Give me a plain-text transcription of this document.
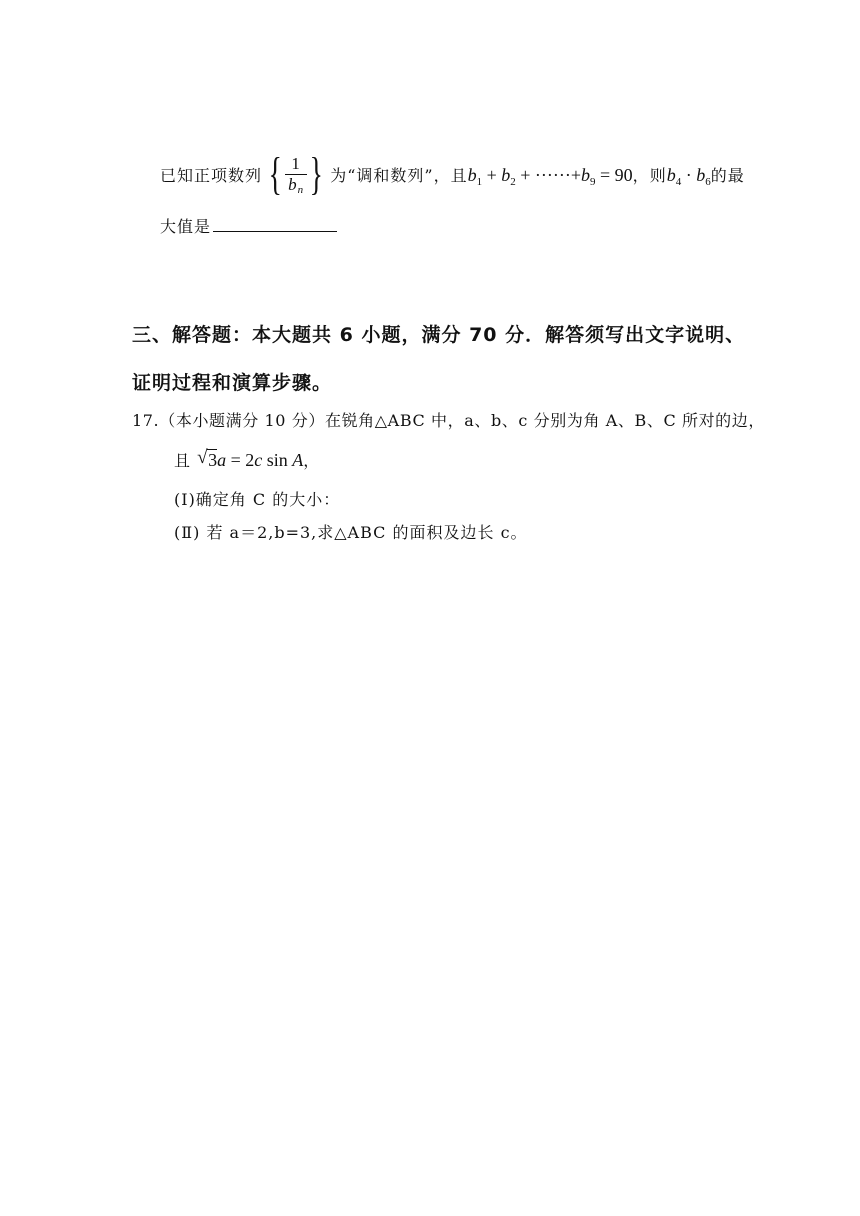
已知正项数列 { $\frac{1}{b_n}$ } 为“调和数列”，且$b_1 + b_2 + \cdot\cdot\cdot\cdot\cdot\cdot+b_9 = 90$，则$b_4 \cdot b_6$的最
大值是
三、解答题：本大题共 6 小题，满分 70 分．解答须写出文字说明、
证明过程和演算步骤。
17.（本小题满分 10 分）在锐角△ABC 中，a、b、c 分别为角 A、B、C 所对的边，
且 √ 3a = 2c sin A，
(Ⅰ)确定角 C 的大小：
(Ⅱ) 若 a＝2,b=3,求△ABC 的面积及边长 c。
